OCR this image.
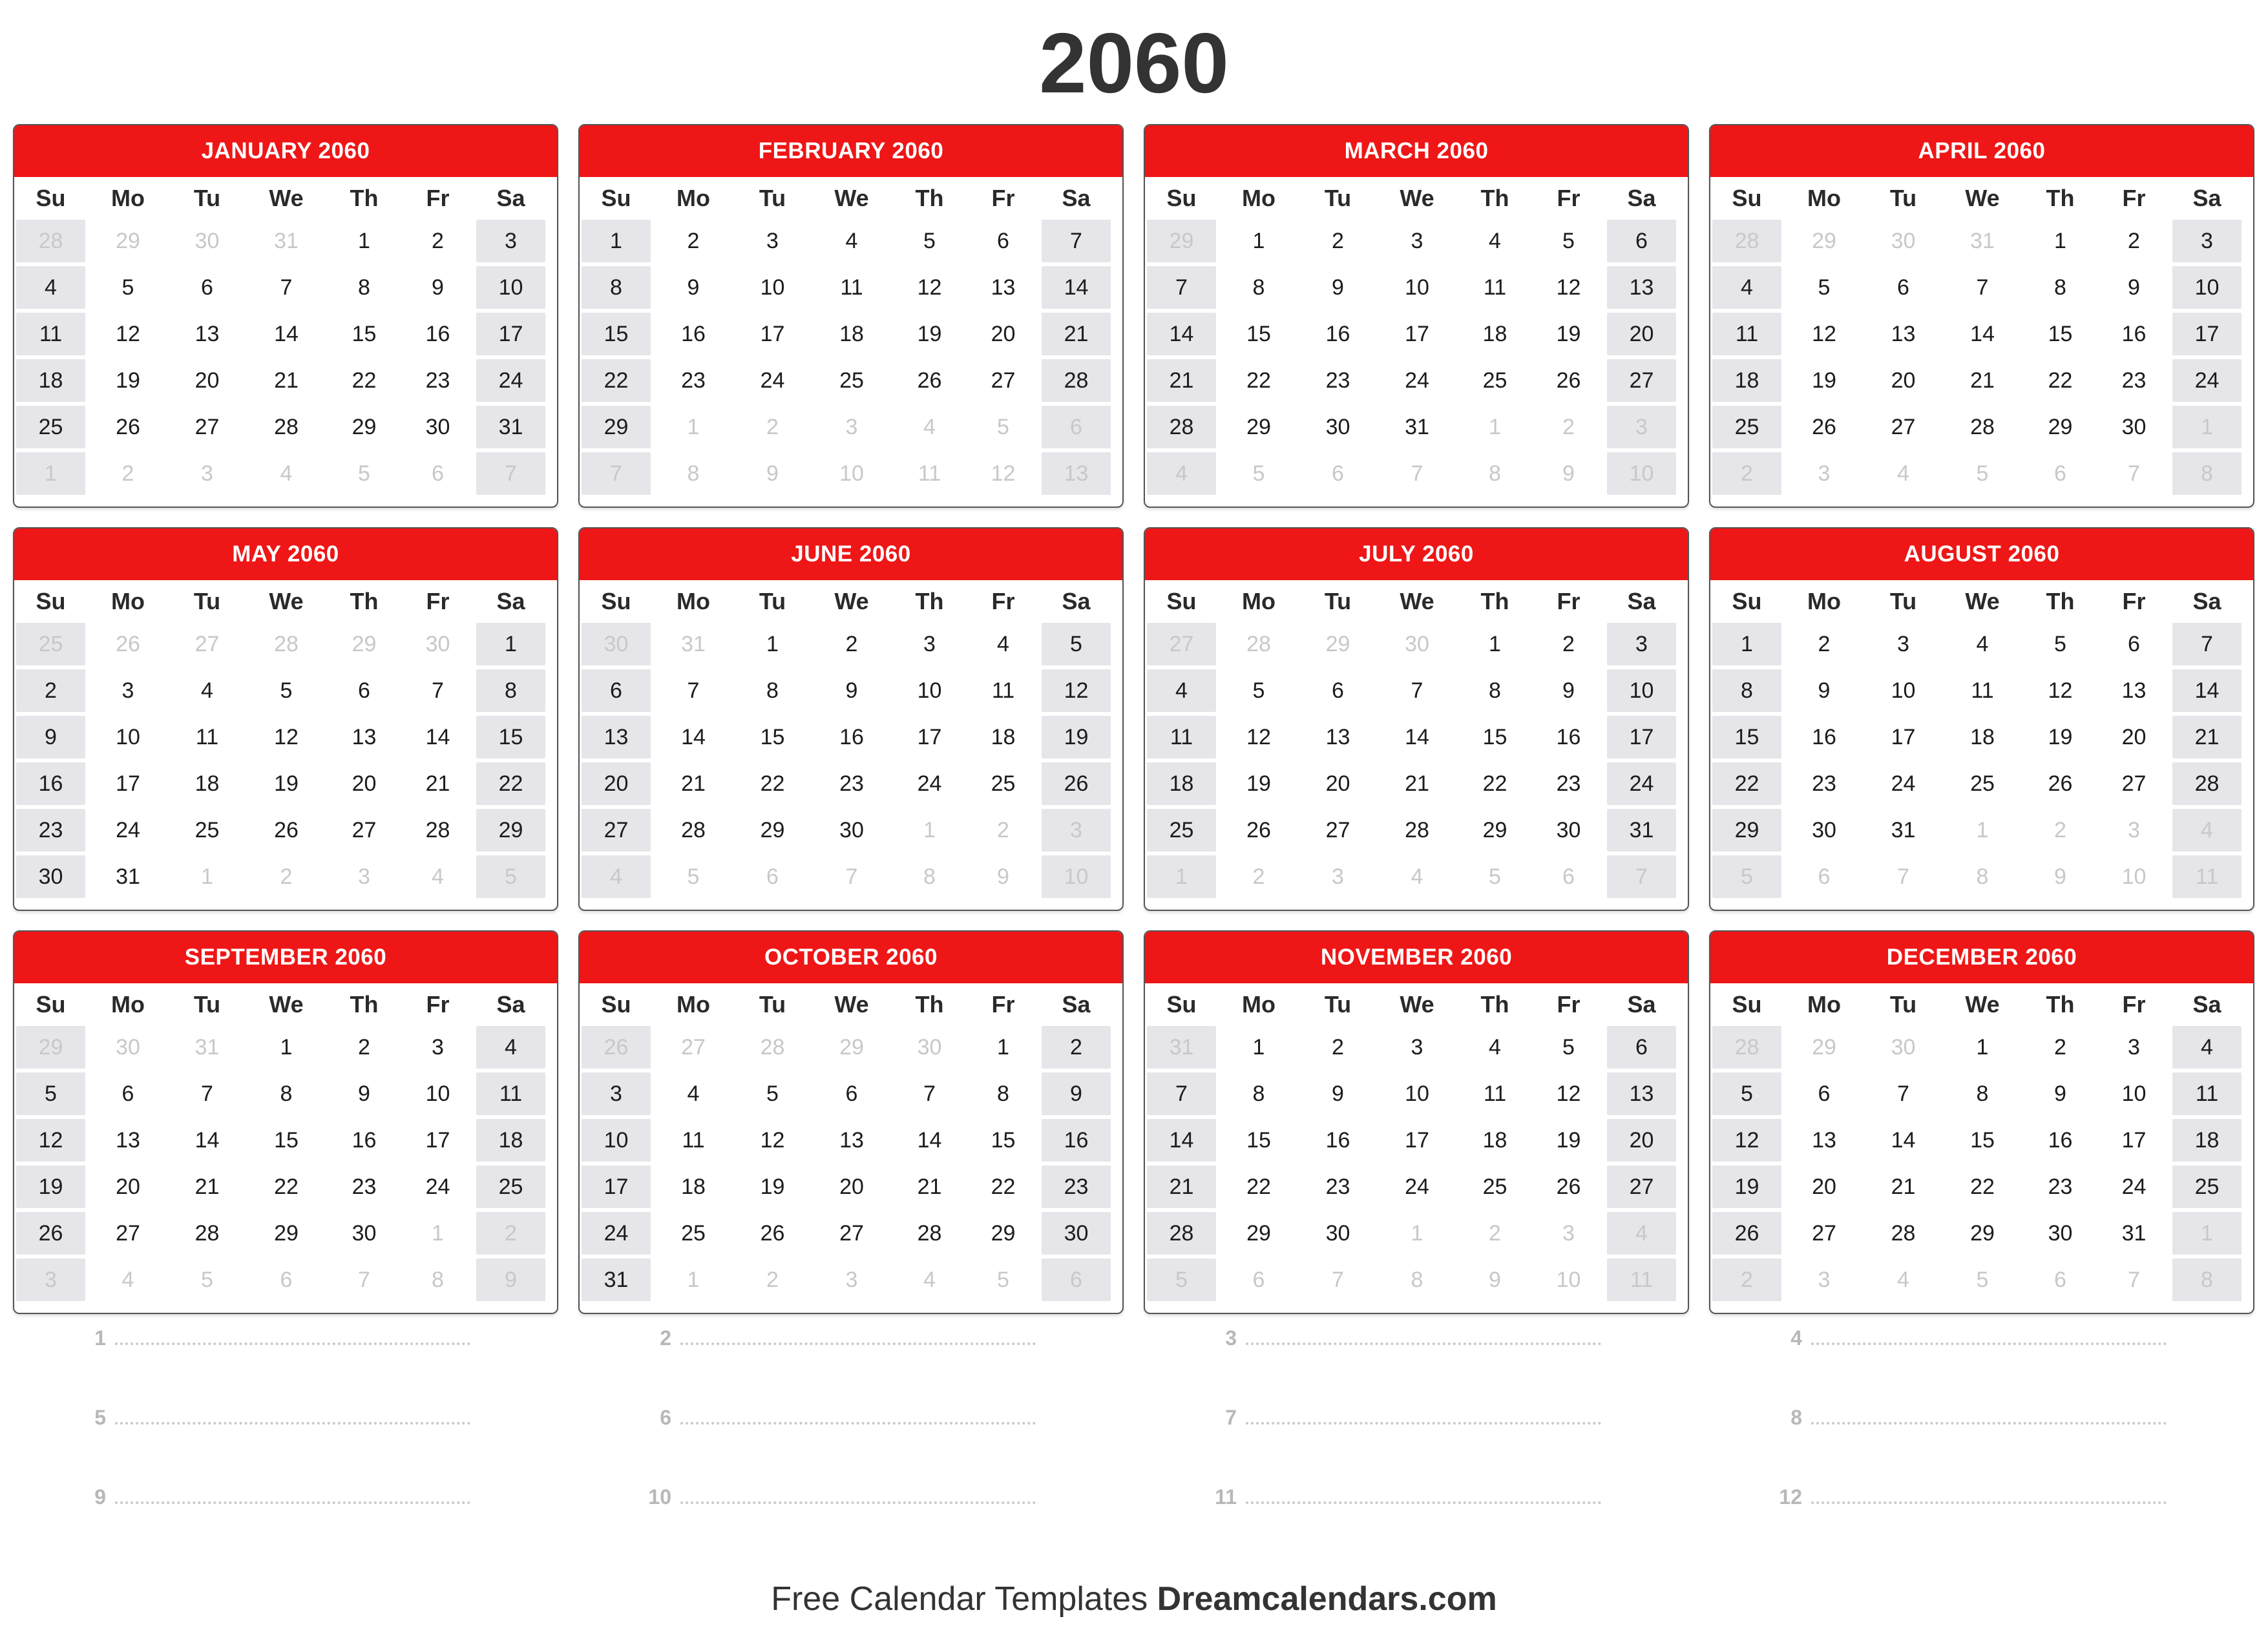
2060
JANUARY 2060
Su	Mo	Tu	We	Th	Fr	Sa
28	29	30	31	1	2	3
4	5	6	7	8	9	10
11	12	13	14	15	16	17
18	19	20	21	22	23	24
25	26	27	28	29	30	31
1	2	3	4	5	6	7
FEBRUARY 2060
Su	Mo	Tu	We	Th	Fr	Sa
1	2	3	4	5	6	7
8	9	10	11	12	13	14
15	16	17	18	19	20	21
22	23	24	25	26	27	28
29	1	2	3	4	5	6
7	8	9	10	11	12	13
MARCH 2060
Su	Mo	Tu	We	Th	Fr	Sa
29	1	2	3	4	5	6
7	8	9	10	11	12	13
14	15	16	17	18	19	20
21	22	23	24	25	26	27
28	29	30	31	1	2	3
4	5	6	7	8	9	10
APRIL 2060
Su	Mo	Tu	We	Th	Fr	Sa
28	29	30	31	1	2	3
4	5	6	7	8	9	10
11	12	13	14	15	16	17
18	19	20	21	22	23	24
25	26	27	28	29	30	1
2	3	4	5	6	7	8
MAY 2060
Su	Mo	Tu	We	Th	Fr	Sa
25	26	27	28	29	30	1
2	3	4	5	6	7	8
9	10	11	12	13	14	15
16	17	18	19	20	21	22
23	24	25	26	27	28	29
30	31	1	2	3	4	5
JUNE 2060
Su	Mo	Tu	We	Th	Fr	Sa
30	31	1	2	3	4	5
6	7	8	9	10	11	12
13	14	15	16	17	18	19
20	21	22	23	24	25	26
27	28	29	30	1	2	3
4	5	6	7	8	9	10
JULY 2060
Su	Mo	Tu	We	Th	Fr	Sa
27	28	29	30	1	2	3
4	5	6	7	8	9	10
11	12	13	14	15	16	17
18	19	20	21	22	23	24
25	26	27	28	29	30	31
1	2	3	4	5	6	7
AUGUST 2060
Su	Mo	Tu	We	Th	Fr	Sa
1	2	3	4	5	6	7
8	9	10	11	12	13	14
15	16	17	18	19	20	21
22	23	24	25	26	27	28
29	30	31	1	2	3	4
5	6	7	8	9	10	11
SEPTEMBER 2060
Su	Mo	Tu	We	Th	Fr	Sa
29	30	31	1	2	3	4
5	6	7	8	9	10	11
12	13	14	15	16	17	18
19	20	21	22	23	24	25
26	27	28	29	30	1	2
3	4	5	6	7	8	9
OCTOBER 2060
Su	Mo	Tu	We	Th	Fr	Sa
26	27	28	29	30	1	2
3	4	5	6	7	8	9
10	11	12	13	14	15	16
17	18	19	20	21	22	23
24	25	26	27	28	29	30
31	1	2	3	4	5	6
NOVEMBER 2060
Su	Mo	Tu	We	Th	Fr	Sa
31	1	2	3	4	5	6
7	8	9	10	11	12	13
14	15	16	17	18	19	20
21	22	23	24	25	26	27
28	29	30	1	2	3	4
5	6	7	8	9	10	11
DECEMBER 2060
Su	Mo	Tu	We	Th	Fr	Sa
28	29	30	1	2	3	4
5	6	7	8	9	10	11
12	13	14	15	16	17	18
19	20	21	22	23	24	25
26	27	28	29	30	31	1
2	3	4	5	6	7	8
1	2	3	4
5	6	7	8
9	10	11	12
Free Calendar Templates Dreamcalendars.com
